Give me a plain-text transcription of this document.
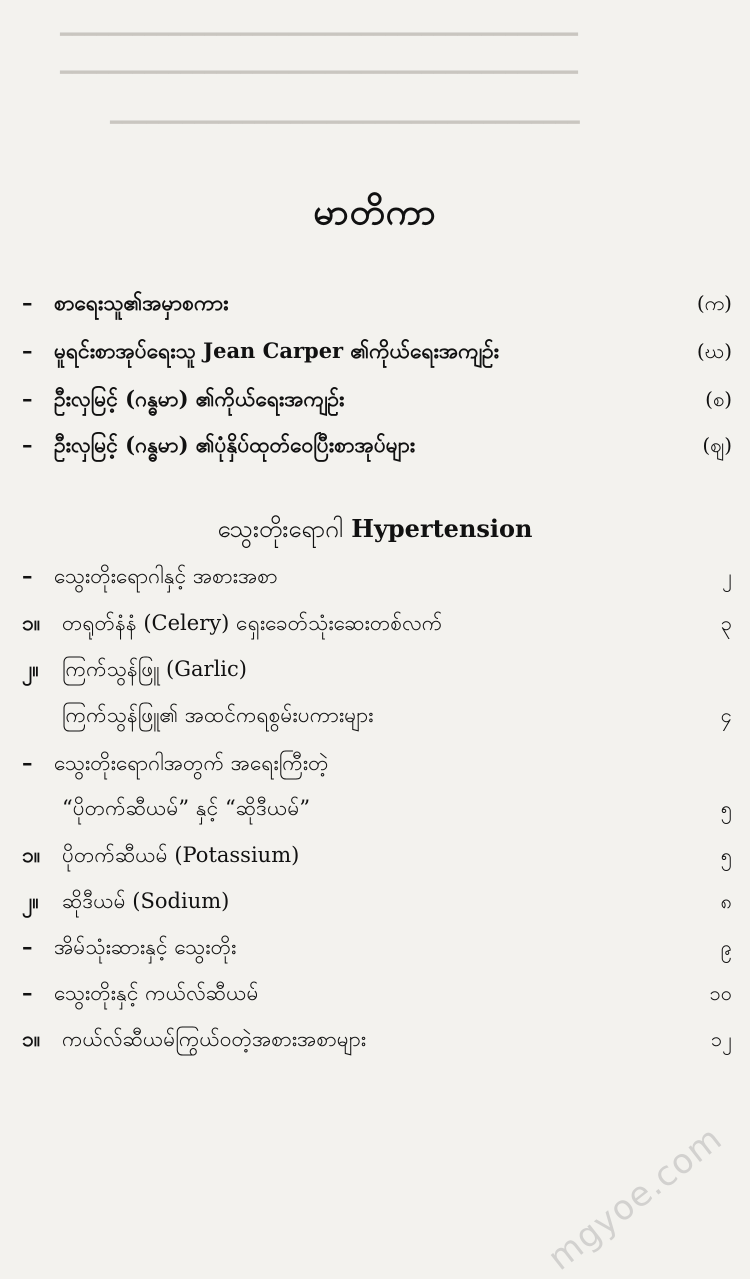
━━━━━━━━━━━━━━━━━━━━━━━━━━━━━━━━━━━━━━━━━━━
━━━━━━━━━━━━━━━━━━━━━━━━━━━━━━━━━━━━━━━━━━━
━━━━━━━━━━━━━━━━━━━━━━━━━━━━━━━━━━━━━━━
မာတိကာ
–	စာရေးသူ၏အမှာစကား	(က)
–	မူရင်းစာအုပ်ရေးသူ Jean Carper ၏ကိုယ်ရေးအကျဉ်း	(ဃ)
–	ဦးလှမြင့် (ဂန္ဓမာ) ၏ကိုယ်ရေးအကျဉ်း	(စ)
–	ဦးလှမြင့် (ဂန္ဓမာ) ၏ပုံနှိပ်ထုတ်ဝေပြီးစာအုပ်များ	(ဈ)
သွေးတိုးရောဂါ Hypertension
–	သွေးတိုးရောဂါနှင့် အစားအစာ	၂
၁။	တရုတ်နံနံ (Celery) ရှေးခေတ်သုံးဆေးတစ်လက်	၃
၂။	ကြက်သွန်ဖြူ (Garlic)
ကြက်သွန်ဖြူ၏ အထင်ကရစွမ်းပကားများ	၄
–	သွေးတိုးရောဂါအတွက် အရေးကြီးတဲ့
“ပိုတက်ဆီယမ်” နှင့် “ဆိုဒီယမ်”	၅
၁။	ပိုတက်ဆီယမ် (Potassium)	၅
၂။	ဆိုဒီယမ် (Sodium)	၈
–	အိမ်သုံးဆားနှင့် သွေးတိုး	၉
–	သွေးတိုးနှင့် ကယ်လ်ဆီယမ်	၁၀
၁။	ကယ်လ်ဆီယမ်ကြွယ်ဝတဲ့အစားအစာများ	၁၂
mgyoe.com
